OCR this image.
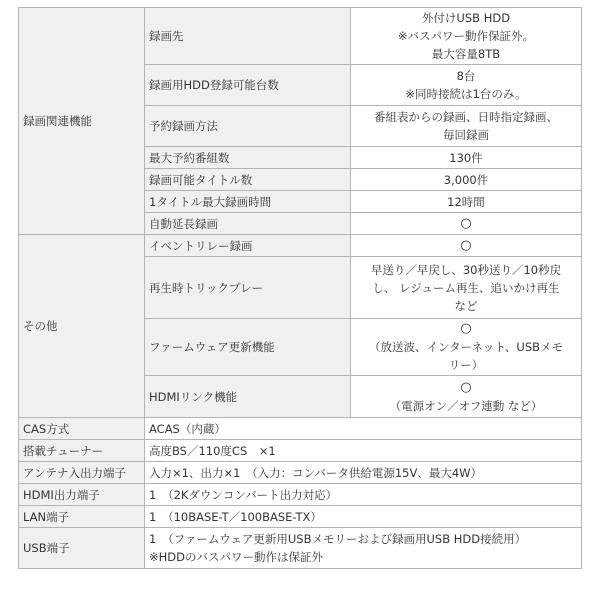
録画関連機能	録画先	外付けUSB HDD
※バスパワー動作保証外。
最大容量8TB

	録画用HDD登録可能台数	8台
※同時接続は1台のみ。

	予約録画方法	番組表からの録画、日時指定録画、
毎回録画

	最大予約番組数	130件
	録画可能タイトル数	3,000件
	1タイトル最大録画時間	12時間
	自動延長録画	○

その他	イベントリレー録画	○

	再生時トリックプレー	早送り／早戻し、30秒送り／10秒戻
し、 レジューム再生、追いかけ再生
など

	ファームウェア更新機能	○
（放送波、インターネット、USBメモ
リー）

	HDMIリンク機能	○
（電源オン／オフ連動 など）

CAS方式	ACAS（内蔵）	
搭載チューナー	高度BS／110度CS　×1	
アンテナ入出力端子	入力×1、出力×1　（入力：コンバータ供給電源15V、最大4W）	
HDMI出力端子	1　（2Kダウンコンバート出力対応）	
LAN端子	1　（10BASE-T／100BASE-TX）	
USB端子	1　（ファームウェア更新用USBメモリーおよび録画用USB HDD接続用）
※HDDのバスパワー動作は保証外	
